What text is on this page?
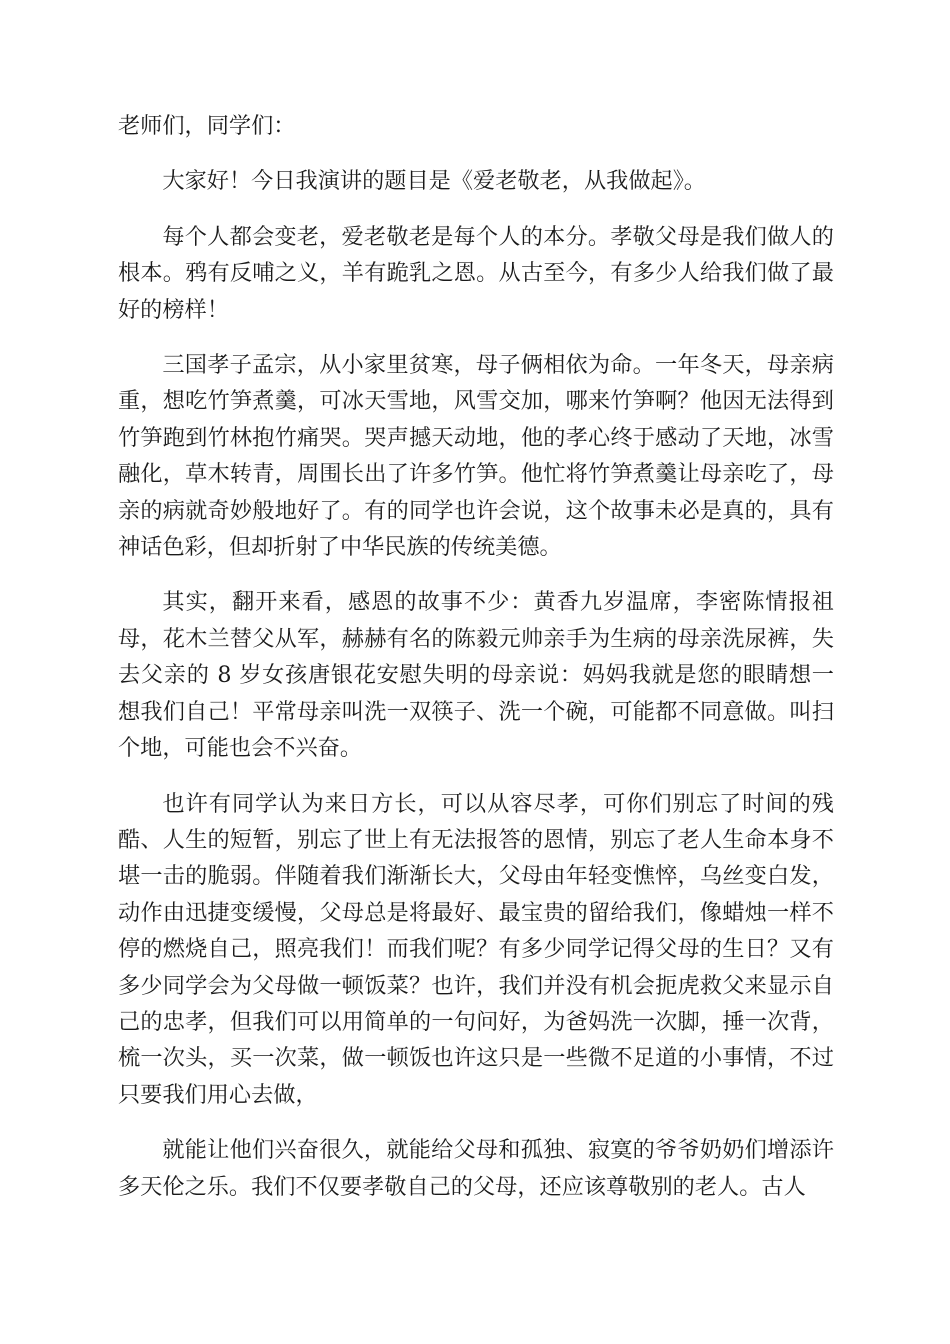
老师们，同学们：

大家好！今日我演讲的题目是《爱老敬老，从我做起》。

每个人都会变老，爱老敬老是每个人的本分。孝敬父母是我们做人的根本。鸦有反哺之义，羊有跪乳之恩。从古至今，有多少人给我们做了最好的榜样！

三国孝子孟宗，从小家里贫寒，母子俩相依为命。一年冬天，母亲病重，想吃竹笋煮羹，可冰天雪地，风雪交加，哪来竹笋啊？他因无法得到竹笋跑到竹林抱竹痛哭。哭声撼天动地，他的孝心终于感动了天地，冰雪融化，草木转青，周围长出了许多竹笋。他忙将竹笋煮羹让母亲吃了，母亲的病就奇妙般地好了。有的同学也许会说，这个故事未必是真的，具有神话色彩，但却折射了中华民族的传统美德。

其实，翻开来看，感恩的故事不少：黄香九岁温席，李密陈情报祖母，花木兰替父从军，赫赫有名的陈毅元帅亲手为生病的母亲洗尿裤，失去父亲的 8 岁女孩唐银花安慰失明的母亲说：妈妈我就是您的眼睛想一想我们自己！平常母亲叫洗一双筷子、洗一个碗，可能都不同意做。叫扫个地，可能也会不兴奋。

也许有同学认为来日方长，可以从容尽孝，可你们别忘了时间的残酷、人生的短暂，别忘了世上有无法报答的恩情，别忘了老人生命本身不堪一击的脆弱。伴随着我们渐渐长大，父母由年轻变憔悴，乌丝变白发，动作由迅捷变缓慢，父母总是将最好、最宝贵的留给我们，像蜡烛一样不停的燃烧自己，照亮我们！而我们呢？有多少同学记得父母的生日？又有多少同学会为父母做一顿饭菜？也许，我们并没有机会扼虎救父来显示自己的忠孝，但我们可以用简单的一句问好，为爸妈洗一次脚，捶一次背，梳一次头，买一次菜，做一顿饭也许这只是一些微不足道的小事情，不过只要我们用心去做，

就能让他们兴奋很久，就能给父母和孤独、寂寞的爷爷奶奶们增添许多天伦之乐。我们不仅要孝敬自己的父母，还应该尊敬别的老人。古人
